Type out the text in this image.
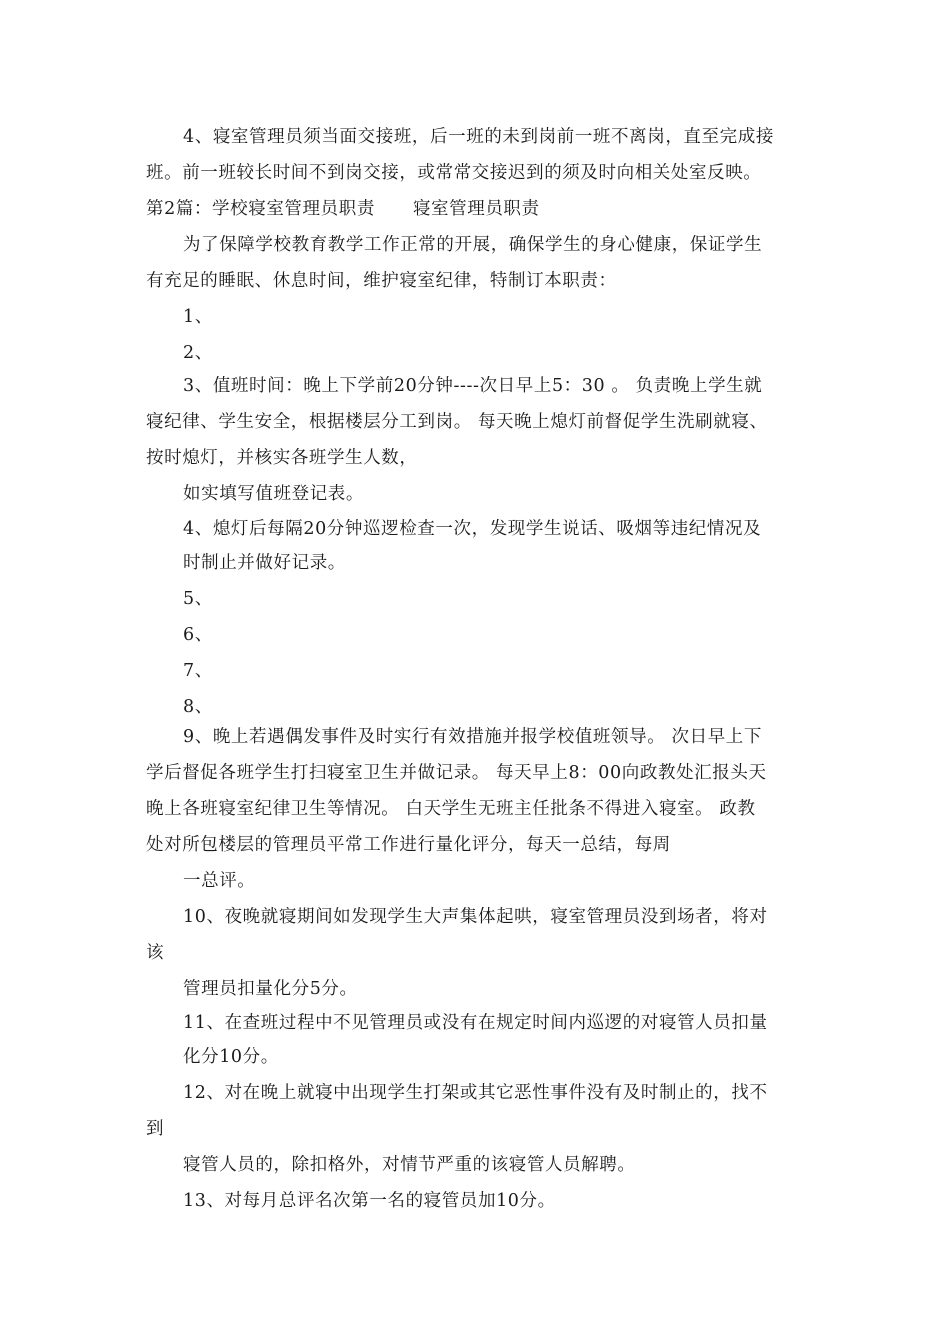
4、寝室管理员须当面交接班，后一班的未到岗前一班不离岗，直至完成接
班。前一班较长时间不到岗交接，或常常交接迟到的须及时向相关处室反映。
第2篇：学校寝室管理员职责 寝室管理员职责
为了保障学校教育教学工作正常的开展，确保学生的身心健康，保证学生
有充足的睡眠、休息时间，维护寝室纪律，特制订本职责：
1、
2、
3、值班时间：晚上下学前20分钟----次日早上5：30 。 负责晚上学生就
寝纪律、学生安全，根据楼层分工到岗。 每天晚上熄灯前督促学生洗刷就寝、
按时熄灯，并核实各班学生人数，
如实填写值班登记表。
4、熄灯后每隔20分钟巡逻检查一次，发现学生说话、吸烟等违纪情况及
时制止并做好记录。
5、
6、
7、
8、
9、晚上若遇偶发事件及时实行有效措施并报学校值班领导。 次日早上下
学后督促各班学生打扫寝室卫生并做记录。 每天早上8：00向政教处汇报头天
晚上各班寝室纪律卫生等情况。 白天学生无班主任批条不得进入寝室。 政教
处对所包楼层的管理员平常工作进行量化评分，每天一总结，每周
一总评。
10、夜晚就寝期间如发现学生大声集体起哄，寝室管理员没到场者，将对
该
管理员扣量化分5分。
11、在查班过程中不见管理员或没有在规定时间内巡逻的对寝管人员扣量
化分10分。
12、对在晚上就寝中出现学生打架或其它恶性事件没有及时制止的，找不
到
寝管人员的，除扣格外，对情节严重的该寝管人员解聘。
13、对每月总评名次第一名的寝管员加10分。
